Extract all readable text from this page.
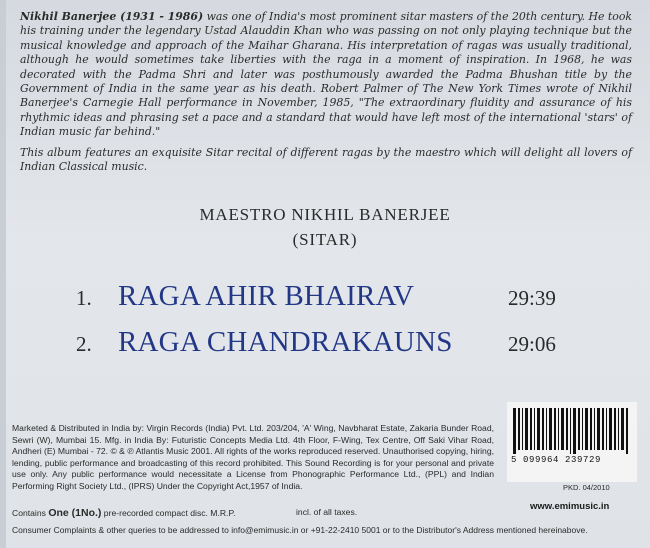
Nikhil Banerjee (1931 - 1986) was one of India's most prominent sitar masters of the 20th century. He took his training under the legendary Ustad Alauddin Khan who was passing on not only playing technique but the musical knowledge and approach of the Maihar Gharana. His interpretation of ragas was usually traditional, although he would sometimes take liberties with the raga in a moment of inspiration. In 1968, he was decorated with the Padma Shri and later was posthumously awarded the Padma Bhushan title by the Government of India in the same year as his death. Robert Palmer of The New York Times wrote of Nikhil Banerjee's Carnegie Hall performance in November, 1985, "The extraordinary fluidity and assurance of his rhythmic ideas and phrasing set a pace and a standard that would have left most of the international 'stars' of Indian music far behind."

This album features an exquisite Sitar recital of different ragas by the maestro which will delight all lovers of Indian Classical music.

MAESTRO NIKHIL BANERJEE
(SITAR)
1. RAGA AHIR BHAIRAV	29:39
2. RAGA CHANDRAKAUNS	29:06
Marketed & Distributed in India by: Virgin Records (India) Pvt. Ltd. 203/204, 'A' Wing, Navbharat Estate, Zakaria Bunder Road, Sewri (W), Mumbai 15. Mfg. in India By: Futuristic Concepts Media Ltd. 4th Floor, F-Wing, Tex Centre, Off Saki Vihar Road, Andheri (E) Mumbai - 72. © & ℗ Atlantis Music 2001. All rights of the works reproduced reserved. Unauthorised copying, hiring, lending, public performance and broadcasting of this record prohibited. This Sound Recording is for your personal and private use only. Any public performance would necessitate a License from Phonographic Performance Ltd., (PPL) and Indian Performing Right Society Ltd., (IPRS) Under the Copyright Act,1957 of India.
Contains One (1No.) pre-recorded compact disc. M.R.P.	incl. of all taxes.
5 099964 239729
PKD. 04/2010
www.emimusic.in
Consumer Complaints & other queries to be addressed to info@emimusic.in or +91-22-2410 5001 or to the Distributor's Address mentioned hereinabove.
